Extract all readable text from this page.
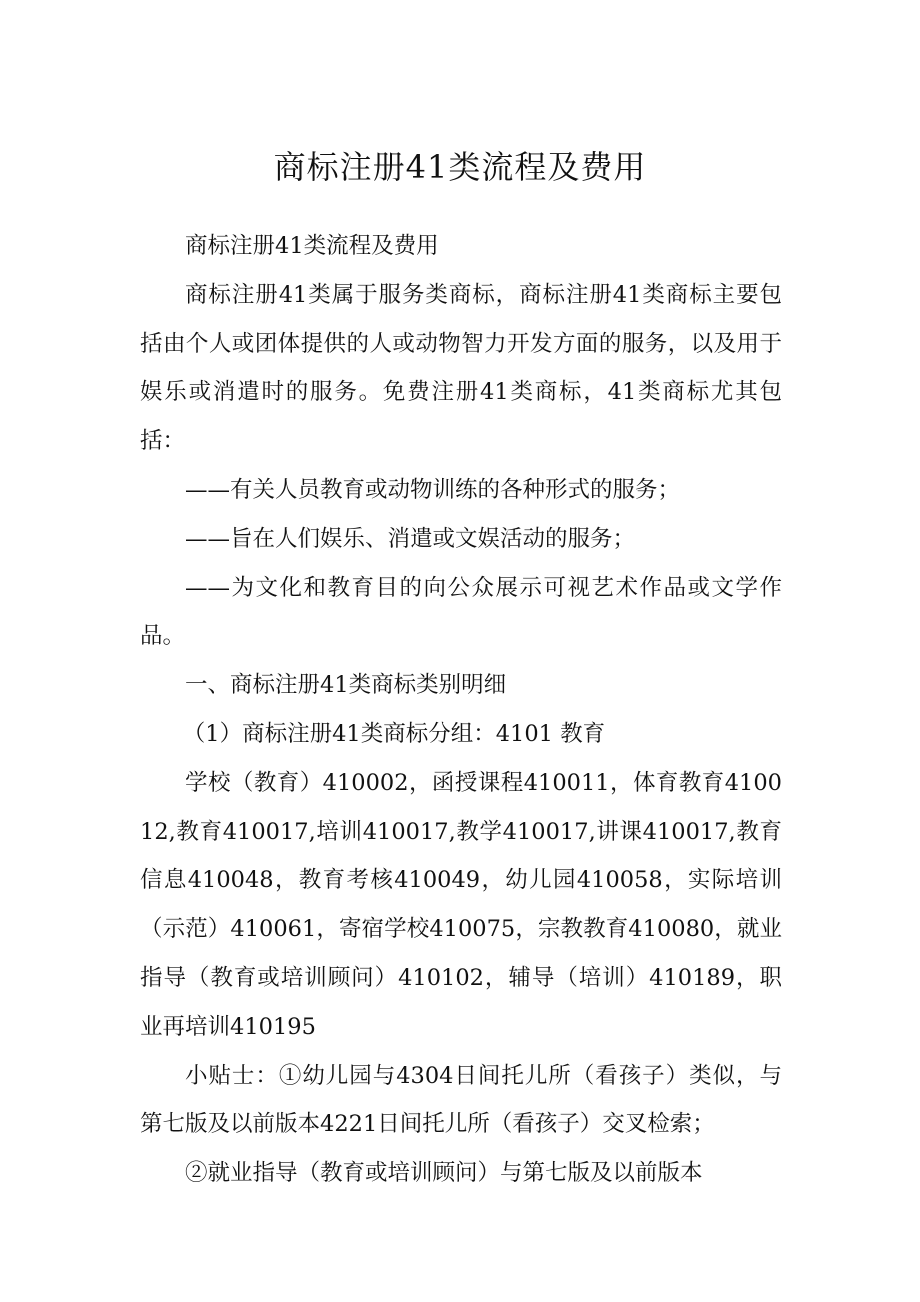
商标注册41类流程及费用

商标注册41类流程及费用

商标注册41类属于服务类商标，商标注册41类商标主要包括由个人或团体提供的人或动物智力开发方面的服务，以及用于娱乐或消遣时的服务。免费注册41类商标，41类商标尤其包括：

——有关人员教育或动物训练的各种形式的服务；

——旨在人们娱乐、消遣或文娱活动的服务；

——为文化和教育目的向公众展示可视艺术作品或文学作品。

一、商标注册41类商标类别明细

（1）商标注册41类商标分组：4101 教育

学校（教育）410002，函授课程410011，体育教育410012,教育410017,培训410017,教学410017,讲课410017,教育信息410048，教育考核410049，幼儿园410058，实际培训（示范）410061，寄宿学校410075，宗教教育410080，就业指导（教育或培训顾问）410102，辅导（培训）410189，职业再培训410195

小贴士：①幼儿园与4304日间托儿所（看孩子）类似，与第七版及以前版本4221日间托儿所（看孩子）交叉检索；

②就业指导（教育或培训顾问）与第七版及以前版本
